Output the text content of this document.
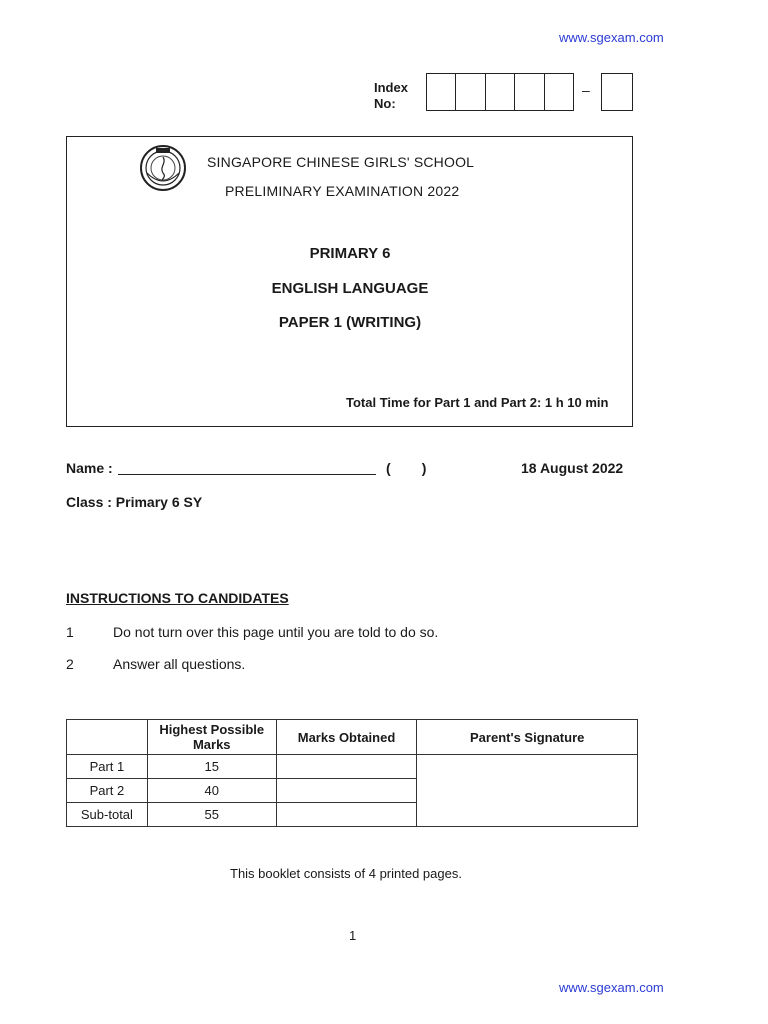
www.sgexam.com
Index
No:
–
SINGAPORE CHINESE GIRLS' SCHOOL
PRELIMINARY EXAMINATION 2022
PRIMARY 6
ENGLISH LANGUAGE
PAPER 1 (WRITING)
Total Time for Part 1 and Part 2: 1 h 10 min
Name :	(        )	18 August 2022
Class : Primary 6 SY
INSTRUCTIONS TO CANDIDATES
1	Do not turn over this page until you are told to do so.
2	Answer all questions.
	Highest Possible Marks	Marks Obtained	Parent's Signature
Part 1	15		
Part 2	40		
Sub-total	55		
This booklet consists of 4 printed pages.
1
www.sgexam.com
